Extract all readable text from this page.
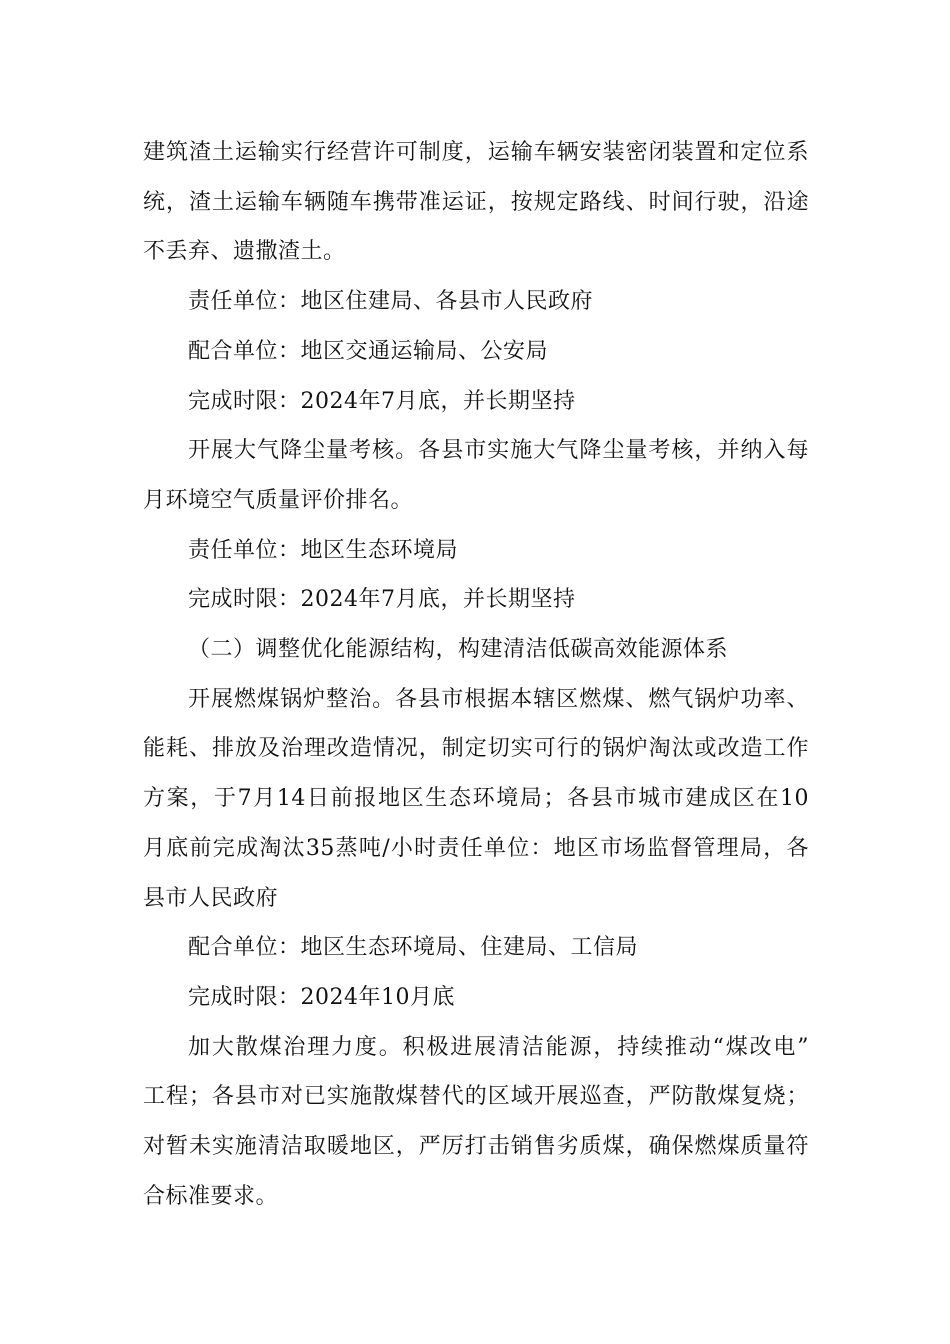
建筑渣土运输实行经营许可制度，运输车辆安装密闭装置和定位系
统，渣土运输车辆随车携带准运证，按规定路线、时间行驶，沿途
不丢弃、遗撒渣土。

责任单位：地区住建局、各县市人民政府

配合单位：地区交通运输局、公安局

完成时限：2024年7月底，并长期坚持

开展大气降尘量考核。各县市实施大气降尘量考核，并纳入每
月环境空气质量评价排名。

责任单位：地区生态环境局

完成时限：2024年7月底，并长期坚持

（二）调整优化能源结构，构建清洁低碳高效能源体系

开展燃煤锅炉整治。各县市根据本辖区燃煤、燃气锅炉功率、
能耗、排放及治理改造情况，制定切实可行的锅炉淘汰或改造工作
方案，于7月14日前报地区生态环境局；各县市城市建成区在10
月底前完成淘汰35蒸吨/小时责任单位：地区市场监督管理局，各
县市人民政府

配合单位：地区生态环境局、住建局、工信局

完成时限：2024年10月底

加大散煤治理力度。积极进展清洁能源，持续推动“煤改电”
工程；各县市对已实施散煤替代的区域开展巡查，严防散煤复烧；
对暂未实施清洁取暖地区，严厉打击销售劣质煤，确保燃煤质量符
合标准要求。
